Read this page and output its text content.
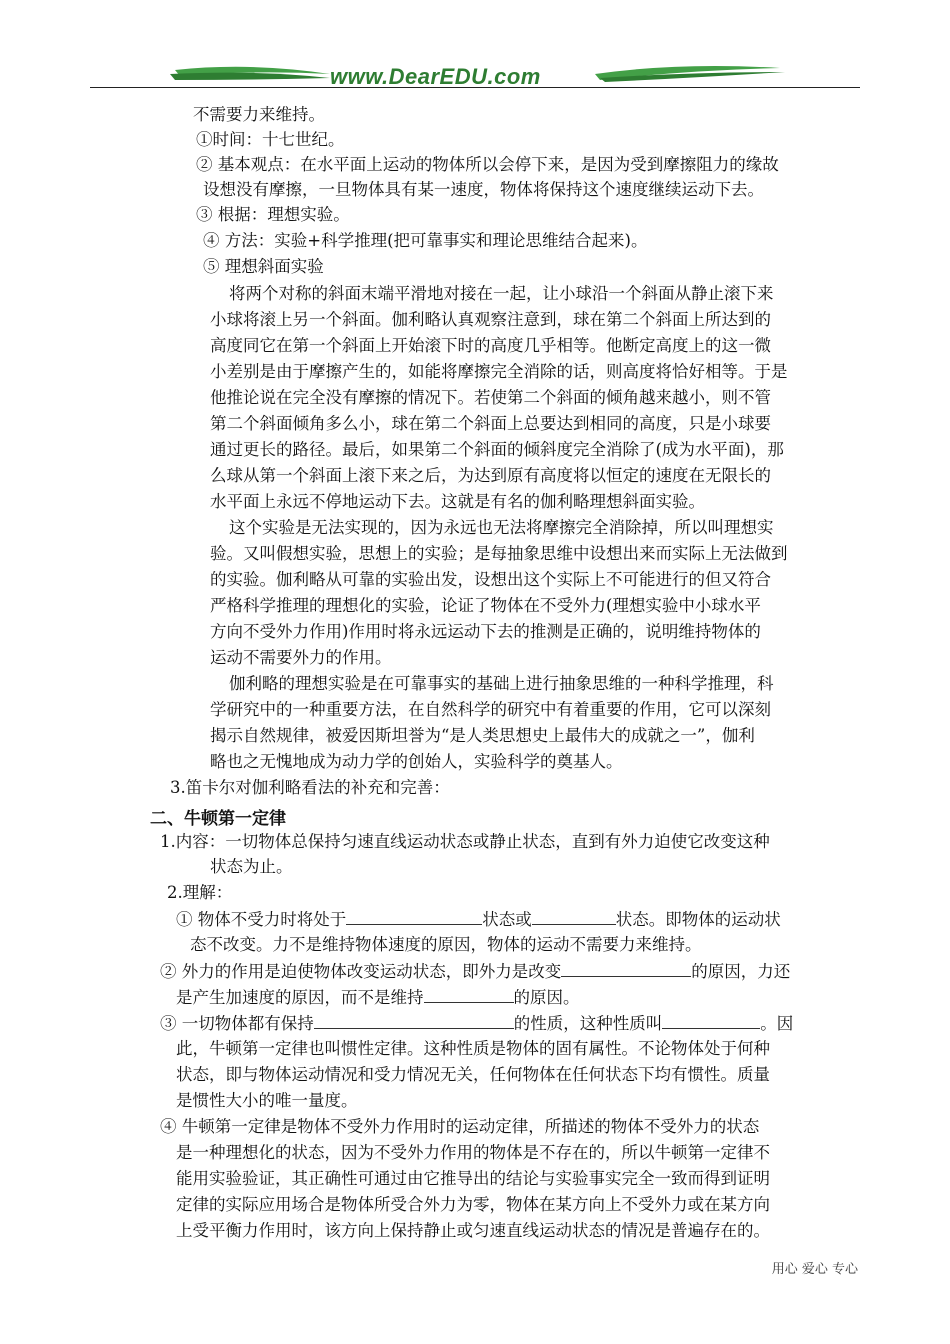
www.DearEDU.com
不需要力来维持。
①时间：十七世纪。
② 基本观点：在水平面上运动的物体所以会停下来，是因为受到摩擦阻力的缘故
设想没有摩擦，一旦物体具有某一速度，物体将保持这个速度继续运动下去。
③ 根据：理想实验。
④ 方法：实验+科学推理(把可靠事实和理论思维结合起来)。
⑤ 理想斜面实验
将两个对称的斜面末端平滑地对接在一起，让小球沿一个斜面从静止滚下来
小球将滚上另一个斜面。伽利略认真观察注意到，球在第二个斜面上所达到的
高度同它在第一个斜面上开始滚下时的高度几乎相等。他断定高度上的这一微
小差别是由于摩擦产生的，如能将摩擦完全消除的话，则高度将恰好相等。于是
他推论说在完全没有摩擦的情况下。若使第二个斜面的倾角越来越小，则不管
第二个斜面倾角多么小，球在第二个斜面上总要达到相同的高度，只是小球要
通过更长的路径。最后，如果第二个斜面的倾斜度完全消除了(成为水平面)，那
么球从第一个斜面上滚下来之后，为达到原有高度将以恒定的速度在无限长的
水平面上永远不停地运动下去。这就是有名的伽利略理想斜面实验。
这个实验是无法实现的，因为永远也无法将摩擦完全消除掉，所以叫理想实
验。又叫假想实验，思想上的实验；是每抽象思维中设想出来而实际上无法做到
的实验。伽利略从可靠的实验出发，设想出这个实际上不可能进行的但又符合
严格科学推理的理想化的实验，论证了物体在不受外力(理想实验中小球水平
方向不受外力作用)作用时将永远运动下去的推测是正确的，说明维持物体的
运动不需要外力的作用。
伽利略的理想实验是在可靠事实的基础上进行抽象思维的一种科学推理，科
学研究中的一种重要方法，在自然科学的研究中有着重要的作用，它可以深刻
揭示自然规律，被爱因斯坦誉为“是人类思想史上最伟大的成就之一”，伽利
略也之无愧地成为动力学的创始人，实验科学的奠基人。
3.笛卡尔对伽利略看法的补充和完善：
二、牛顿第一定律
1.内容：一切物体总保持匀速直线运动状态或静止状态，直到有外力迫使它改变这种
状态为止。
2.理解：
① 物体不受力时将处于	状态或	状态。即物体的运动状
态不改变。力不是维持物体速度的原因，物体的运动不需要力来维持。
② 外力的作用是迫使物体改变运动状态，即外力是改变	的原因，力还
是产生加速度的原因，而不是维持	的原因。
③ 一切物体都有保持	的性质，这种性质叫	。因
此，牛顿第一定律也叫惯性定律。这种性质是物体的固有属性。不论物体处于何种
状态，即与物体运动情况和受力情况无关，任何物体在任何状态下均有惯性。质量
是惯性大小的唯一量度。
④ 牛顿第一定律是物体不受外力作用时的运动定律，所描述的物体不受外力的状态
是一种理想化的状态，因为不受外力作用的物体是不存在的，所以牛顿第一定律不
能用实验验证，其正确性可通过由它推导出的结论与实验事实完全一致而得到证明
定律的实际应用场合是物体所受合外力为零，物体在某方向上不受外力或在某方向
上受平衡力作用时，该方向上保持静止或匀速直线运动状态的情况是普遍存在的。
用心 爱心 专心
